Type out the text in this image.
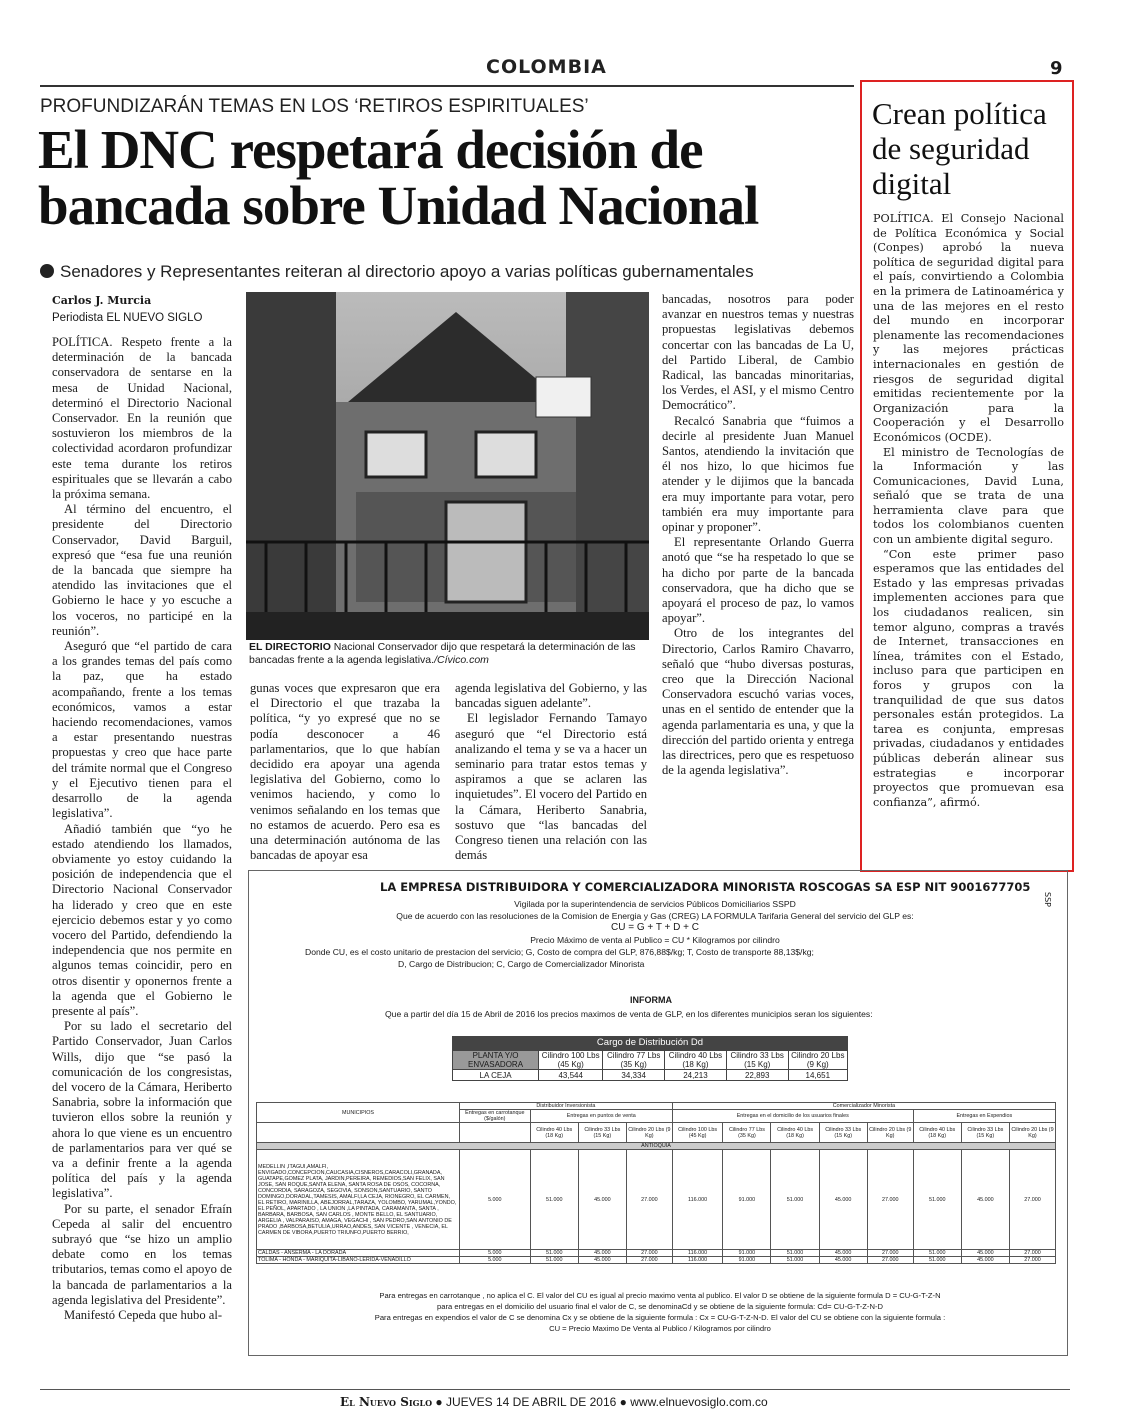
COLOMBIA	9
PROFUNDIZARÁN TEMAS EN LOS ‘RETIROS ESPIRITUALES’
El DNC respetará decisión de bancada sobre Unidad Nacional
Senadores y Representantes reiteran al directorio apoyo a varias políticas gubernamentales
Carlos J. Murcia
Periodista EL NUEVO SIGLO

POLÍTICA. Respeto frente a la determinación de la bancada conservadora de sentarse en la mesa de Unidad Nacional, determinó el Directorio Nacional Conservador. En la reunión que sostuvieron los miembros de la colectividad acordaron profundizar este tema durante los retiros espirituales que se llevarán a cabo la próxima semana.

Al término del encuentro, el presidente del Directorio Conservador, David Barguil, expresó que “esa fue una reunión de la bancada que siempre ha atendido las invitaciones que el Gobierno le hace y yo escuche a los voceros, no participé en la reunión”.

Aseguró que “el partido de cara a los grandes temas del país como la paz, que ha estado acompañando, frente a los temas económicos, vamos a estar haciendo recomendaciones, vamos a estar presentando nuestras propuestas y creo que hace parte del trámite normal que el Congreso y el Ejecutivo tienen para el desarrollo de la agenda legislativa”.

Añadió también que “yo he estado atendiendo los llamados, obviamente yo estoy cuidando la posición de independencia que el Directorio Nacional Conservador ha liderado y creo que en este ejercicio debemos estar y yo como vocero del Partido, defendiendo la independencia que nos permite en algunos temas coincidir, pero en otros disentir y oponernos frente a la agenda que el Gobierno le presente al país”.

Por su lado el secretario del Partido Conservador, Juan Carlos Wills, dijo que “se pasó la comunicación de los congresistas, del vocero de la Cámara, Heriberto Sanabria, sobre la información que tuvieron ellos sobre la reunión y ahora lo que viene es un encuentro de parlamentarios para ver qué se va a definir frente a la agenda política del país y la agenda legislativa”.

Por su parte, el senador Efraín Cepeda al salir del encuentro subrayó que “se hizo un amplio debate como en los temas tributarios, temas como el apoyo de la bancada de parlamentarios a la agenda legislativa del Presidente”.

Manifestó Cepeda que hubo al-

EL DIRECTORIO Nacional Conservador dijo que respetará la determinación de las bancadas frente a la agenda legislativa./Cívico.com

gunas voces que expresaron que era el Directorio el que trazaba la política, “y yo expresé que no se podía desconocer a 46 parlamentarios, que lo que habían decidido era apoyar una agenda legislativa del Gobierno, como lo venimos haciendo, y como lo venimos señalando en los temas que no estamos de acuerdo. Pero esa es una determinación autónoma de las bancadas de apoyar esa

agenda legislativa del Gobierno, y las bancadas siguen adelante”.

El legislador Fernando Tamayo aseguró que “el Directorio está analizando el tema y se va a hacer un seminario para tratar estos temas y aspiramos a que se aclaren las inquietudes”. El vocero del Partido en la Cámara, Heriberto Sanabria, sostuvo que “las bancadas del Congreso tienen una relación con las demás

bancadas, nosotros para poder avanzar en nuestros temas y nuestras propuestas legislativas debemos concertar con las bancadas de La U, del Partido Liberal, de Cambio Radical, las bancadas minoritarias, los Verdes, el ASI, y el mismo Centro Democrático”.

Recalcó Sanabria que “fuimos a decirle al presidente Juan Manuel Santos, atendiendo la invitación que él nos hizo, lo que hicimos fue atender y le dijimos que la bancada era muy importante para votar, pero también era muy importante para opinar y proponer”.

El representante Orlando Guerra anotó que “se ha respetado lo que se ha dicho por parte de la bancada conservadora, que ha dicho que se apoyará el proceso de paz, lo vamos apoyar”.

Otro de los integrantes del Directorio, Carlos Ramiro Chavarro, señaló que “hubo diversas posturas, creo que la Dirección Nacional Conservadora escuchó varias voces, unas en el sentido de entender que la agenda parlamentaria es una, y que la dirección del partido orienta y entrega las directrices, pero que es respetuoso de la agenda legislativa”.

Crean política de seguridad digital

POLÍTICA. El Consejo Nacional de Política Económica y Social (Conpes) aprobó la nueva política de seguridad digital para el país, convirtiendo a Colombia en la primera de Latinoamérica y una de las mejores en el resto del mundo en incorporar plenamente las recomendaciones y las mejores prácticas internacionales en gestión de riesgos de seguridad digital emitidas recientemente por la Organización para la Cooperación y el Desarrollo Económicos (OCDE).

El ministro de Tecnologías de la Información y las Comunicaciones, David Luna, señaló que se trata de una herramienta clave para que todos los colombianos cuenten con un ambiente digital seguro.

“Con este primer paso esperamos que las entidades del Estado y las empresas privadas implementen acciones para que los ciudadanos realicen, sin temor alguno, compras a través de Internet, transacciones en línea, trámites con el Estado, incluso para que participen en foros y grupos con la tranquilidad de que sus datos personales están protegidos. La tarea es conjunta, empresas privadas, ciudadanos y entidades públicas deberán alinear sus estrategias e incorporar proyectos que promuevan esa confianza”, afirmó.

LA EMPRESA DISTRIBUIDORA Y COMERCIALIZADORA MINORISTA ROSCOGAS SA ESP NIT 9001677705
SSP
Vigilada por la superintendencia de servicios Públicos Domiciliarios SSPD
Que de acuerdo con las resoluciones de la Comision de Energia y Gas (CREG) LA FORMULA Tarifaria General del servicio del GLP es:
CU = G + T + D + C
Precio Máximo de venta al Publico = CU * Kilogramos por cilindro
Donde CU, es el costo unitario de prestacion del servicio; G, Costo de compra del GLP, 876,88$/kg; T, Costo de transporte 88,13$/kg;
D, Cargo de Distribucion; C, Cargo de Comercializador Minorista
INFORMA
Que a partir del día 15 de Abril de 2016 los precios maximos de venta de GLP, en los diferentes municipios seran los siguientes:
Cargo de Distribución Dd
PLANTA Y/O ENVASADORA	Cilindro 100 Lbs (45 Kg)	Cilindro 77 Lbs (35 Kg)	Cilindro 40 Lbs (18 Kg)	Cilindro 33 Lbs (15 Kg)	Cilindro 20 Lbs (9 Kg)
LA CEJA	43,544	34,334	24,213	22,893	14,651
MUNICIPIOS	Distribuidor Inversionista				Comercializador Minorista							
	Entregas en carrotanque ($/galón)	Entregas en puntos de venta			Entregas en el domicilio de los usuarios finales					Entregas en Expendios		
		Cilindro 40 Lbs (18 Kg)	Cilindro 33 Lbs (15 Kg)	Cilindro 20 Lbs (9 Kg)	Cilindro 100 Lbs (45 Kg)	Cilindro 77 Lbs (35 Kg)	Cilindro 40 Lbs (18 Kg)	Cilindro 33 Lbs (15 Kg)	Cilindro 20 Lbs (9 Kg)	Cilindro 40 Lbs (18 Kg)	Cilindro 33 Lbs (15 Kg)	Cilindro 20 Lbs (9 Kg)
ANTIOQUIA												
MEDELLIN ,ITAGUI,AMALFI, ENVIGADO,CONCEPCION,CAUCASIA,CISNEROS,CARACOLI,GRANADA, GUATAPE,GOMEZ PLATA, JARDIN,PEREIRA, REMEDIOS,SAN FELIX, SAN JOSE, SAN ROQUE,SANTA ELENA, SANTA ROSA DE OSOS, COCORNA, CONCORDIA, SARAGOZA, SEGOVIA, SONSON,SANTUARIO, SANTO DOMINGO,DORADAL,TAMESIS, AMALFI,LA CEJA, RIONEGRO, EL CARMEN, EL RETIRO, MARINILLA, ABEJORRAL,TARAZA, YOLOMBO, YARUMAL,YONDO, EL PEÑOL, APARTADO , LA UNION ,LA PINTADA, CARAMANTA, SANTA , BARBARA, BARBOSA, SAN CARLOS , MONTE BELLO, EL SANTUARIO, ARGELIA , VALPARAISO, AMAGA, VEGACHI , SAN PEDRO,SAN ANTONIO DE PRADO ,BARBOSA,BETULIA,URRAO,ANDES, SAN VICENTE , VENECIA, EL CARMEN DE VIBORA,PUERTO TRIUNFO,PUERTO BERRIO,	5.000	51.000	45.000	27.000	116.000	91.000	51.000	45.000	27.000	51.000	45.000	27.000
CALDAS - ANSERMA - LA DORADA	5.000	51.000	45.000	27.000	116.000	91.000	51.000	45.000	27.000	51.000	45.000	27.000
TOLIMA - HONDA - MARIQUITA-LIBANO-LERIDA-VENADILLO	5.000	51.000	45.000	27.000	116.000	91.000	51.000	45.000	27.000	51.000	45.000	27.000
Para entregas en carrotanque , no aplica el C. El valor del CU es igual al precio maximo venta al publico. El valor D se obtiene de la siguiente formula D = CU-G-T-Z-N
para entregas en el domicilio del usuario final el valor de C, se denominaCd y se obtiene de la siguiente formula: Cd= CU-G-T-Z-N-D
Para entregas en expendios el valor de C se denomina Cx y se obtiene de la siguiente formula : Cx = CU-G-T-Z-N-D. El valor del CU se obtiene con la siguiente formula :
CU = Precio Maximo De Venta al Publico / Kilogramos por cilindro
El Nuevo Siglo ● JUEVES 14 DE ABRIL DE 2016 ● www.elnuevosiglo.com.co
